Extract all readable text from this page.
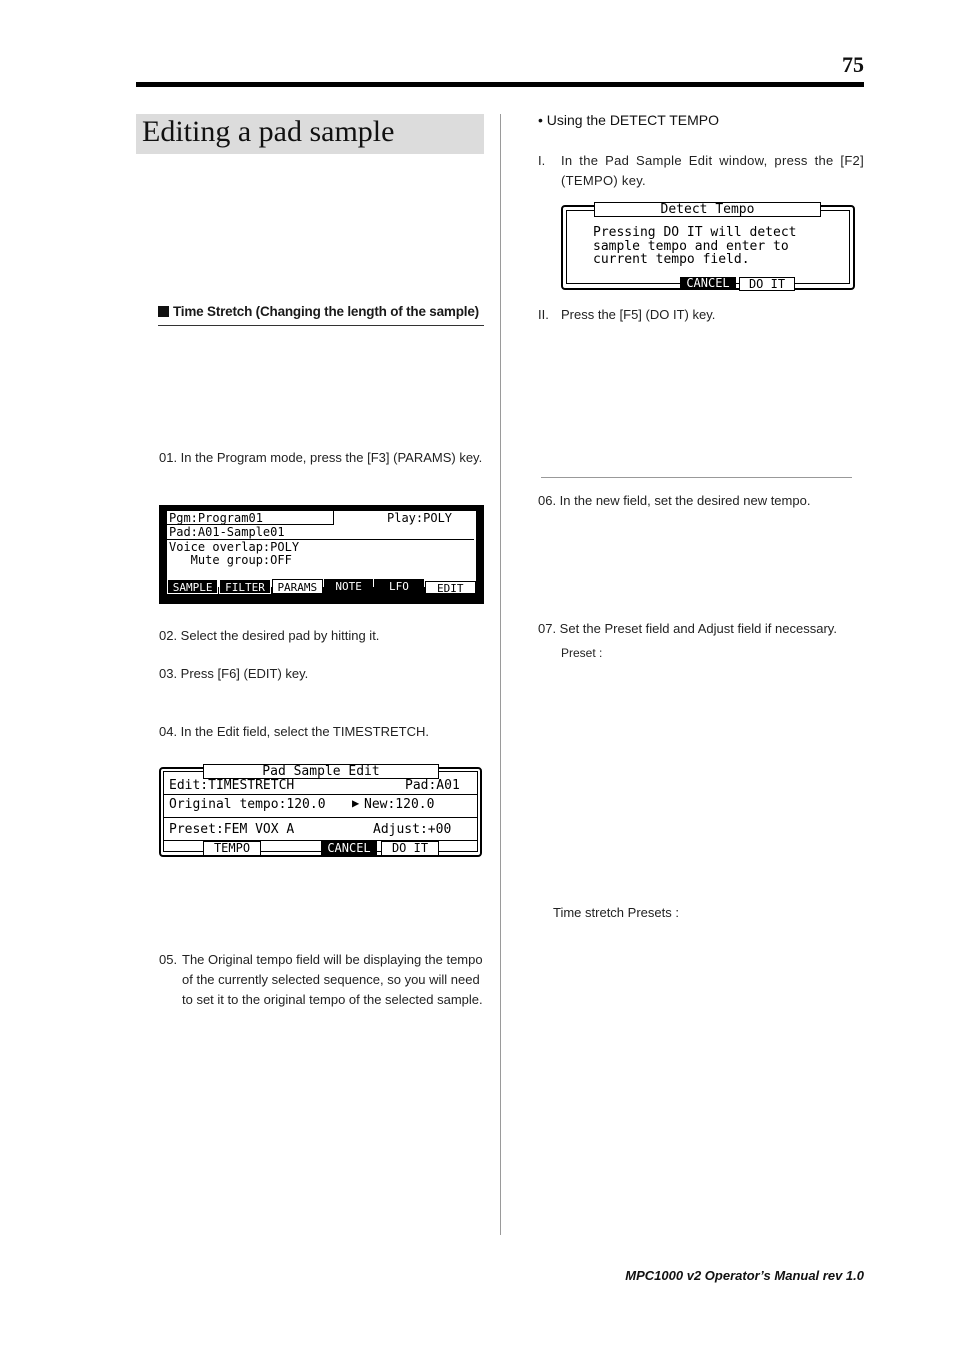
75
Editing a pad sample
Time Stretch (Changing the length of the sample)
01. In the Program mode, press the [F3] (PARAMS) key.
Pgm:Program01	Play:POLY
Pad:A01-Sample01
Voice overlap:POLY
Mute group:OFF
SAMPLE	FILTER	PARAMS	NOTE	LFO	EDIT
02. Select the desired pad by hitting it.
03. Press [F6] (EDIT) key.
04. In the Edit field, select the TIMESTRETCH.
Pad Sample Edit
Edit:TIMESTRETCH	Pad:A01
Original tempo:120.0 ▶ New:120.0
Preset:FEM VOX A	Adjust:+00
TEMPO	CANCEL	DO IT
05. The Original tempo field will be displaying the tempo of the currently selected sequence, so you will need to set it to the original tempo of the selected sample.
• Using the DETECT TEMPO
I. In the Pad Sample Edit window, press the [F2] (TEMPO) key.
Detect Tempo
Pressing DO IT will detect
sample tempo and enter to
current tempo field.
CANCEL	DO IT
II. Press the [F5] (DO IT) key.
06. In the new field, set the desired new tempo.
07. Set the Preset field and Adjust field if necessary.
Preset :
Time stretch Presets :
MPC1000 v2 Operator’s Manual rev 1.0
